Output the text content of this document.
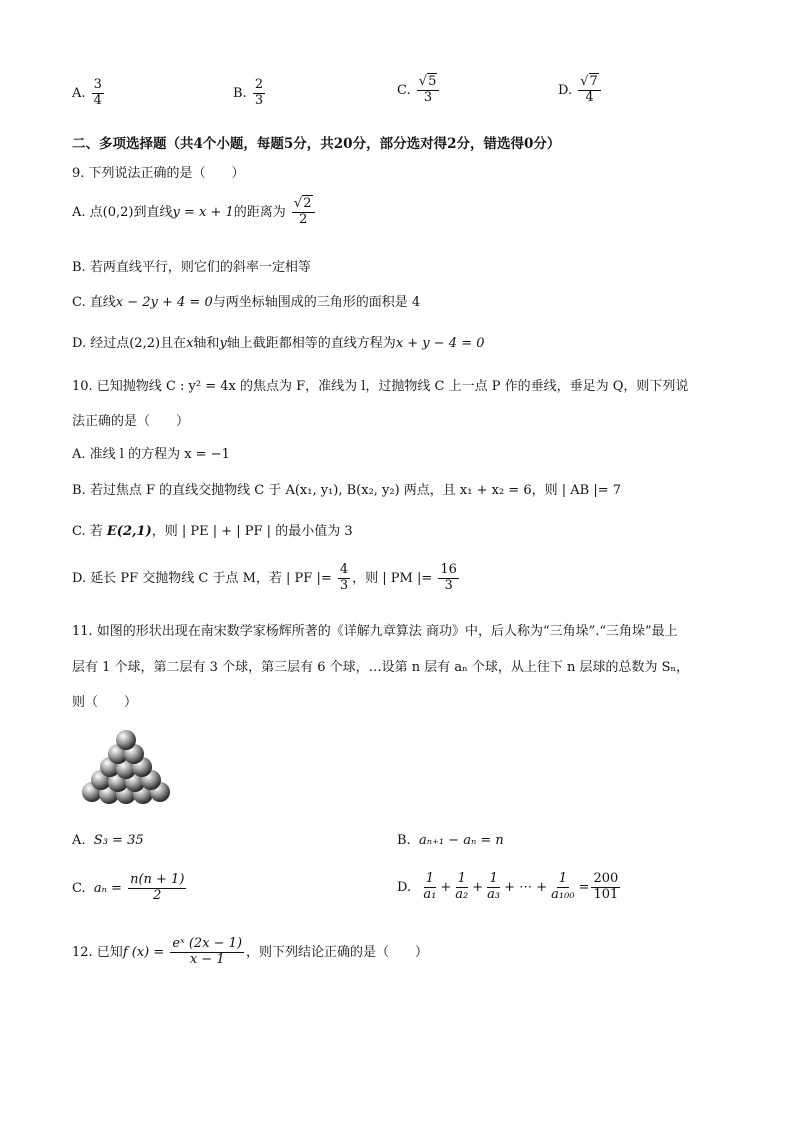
A. $\frac{3}{4}$	B. $\frac{2}{3}$	C. $\frac{√5}{3}$	D. $\frac{√7}{4}$
二、多项选择题（共4个小题，每题5分，共20分，部分选对得2分，错选得0分）
9. 下列说法正确的是（　　）
A. 点(0,2)到直线y = x + 1的距离为 $\frac{√2}{2}$
B. 若两直线平行，则它们的斜率一定相等
C. 直线x − 2y + 4 = 0与两坐标轴围成的三角形的面积是 4
D. 经过点(2,2)且在x轴和y轴上截距都相等的直线方程为x + y − 4 = 0
10. 已知抛物线 C : y² = 4x 的焦点为 F，准线为 l，过抛物线 C 上一点 P 作的垂线，垂足为 Q，则下列说
法正确的是（　　）
A. 准线 l 的方程为 x = −1
B. 若过焦点 F 的直线交抛物线 C 于 A(x₁, y₁), B(x₂, y₂) 两点，且 x₁ + x₂ = 6，则 | AB |= 7
C. 若 E(2,1)，则 | PE | + | PF | 的最小值为 3
D. 延长 PF 交抛物线 C 于点 M，若 | PF |= $\frac{4}{3}$ ，则 | PM |= $\frac{16}{3}$
11. 如图的形状出现在南宋数学家杨辉所著的《详解九章算法 商功》中，后人称为“三角垛”.“三角垛”最上
层有 1 个球，第二层有 3 个球，第三层有 6 个球，…设第 n 层有 aₙ 个球，从上往下 n 层球的总数为 Sₙ，
则（　　）
A. S₃ = 35	B. aₙ₊₁ − aₙ = n
C. $a_n = \frac{n(n + 1)}{2}$	D. $\frac{1}{\text{a₁}} + \frac{1}{\text{a₂}} + \frac{1}{\text{a₃}}$ + ⋯ + $\frac{1}{\text{a₁₀₀}} = \frac{200}{101}$
12. 已知f $(x) = \frac{\text{eˣ (2x − 1)}}{x - 1}$ ，则下列结论正确的是（　　）
